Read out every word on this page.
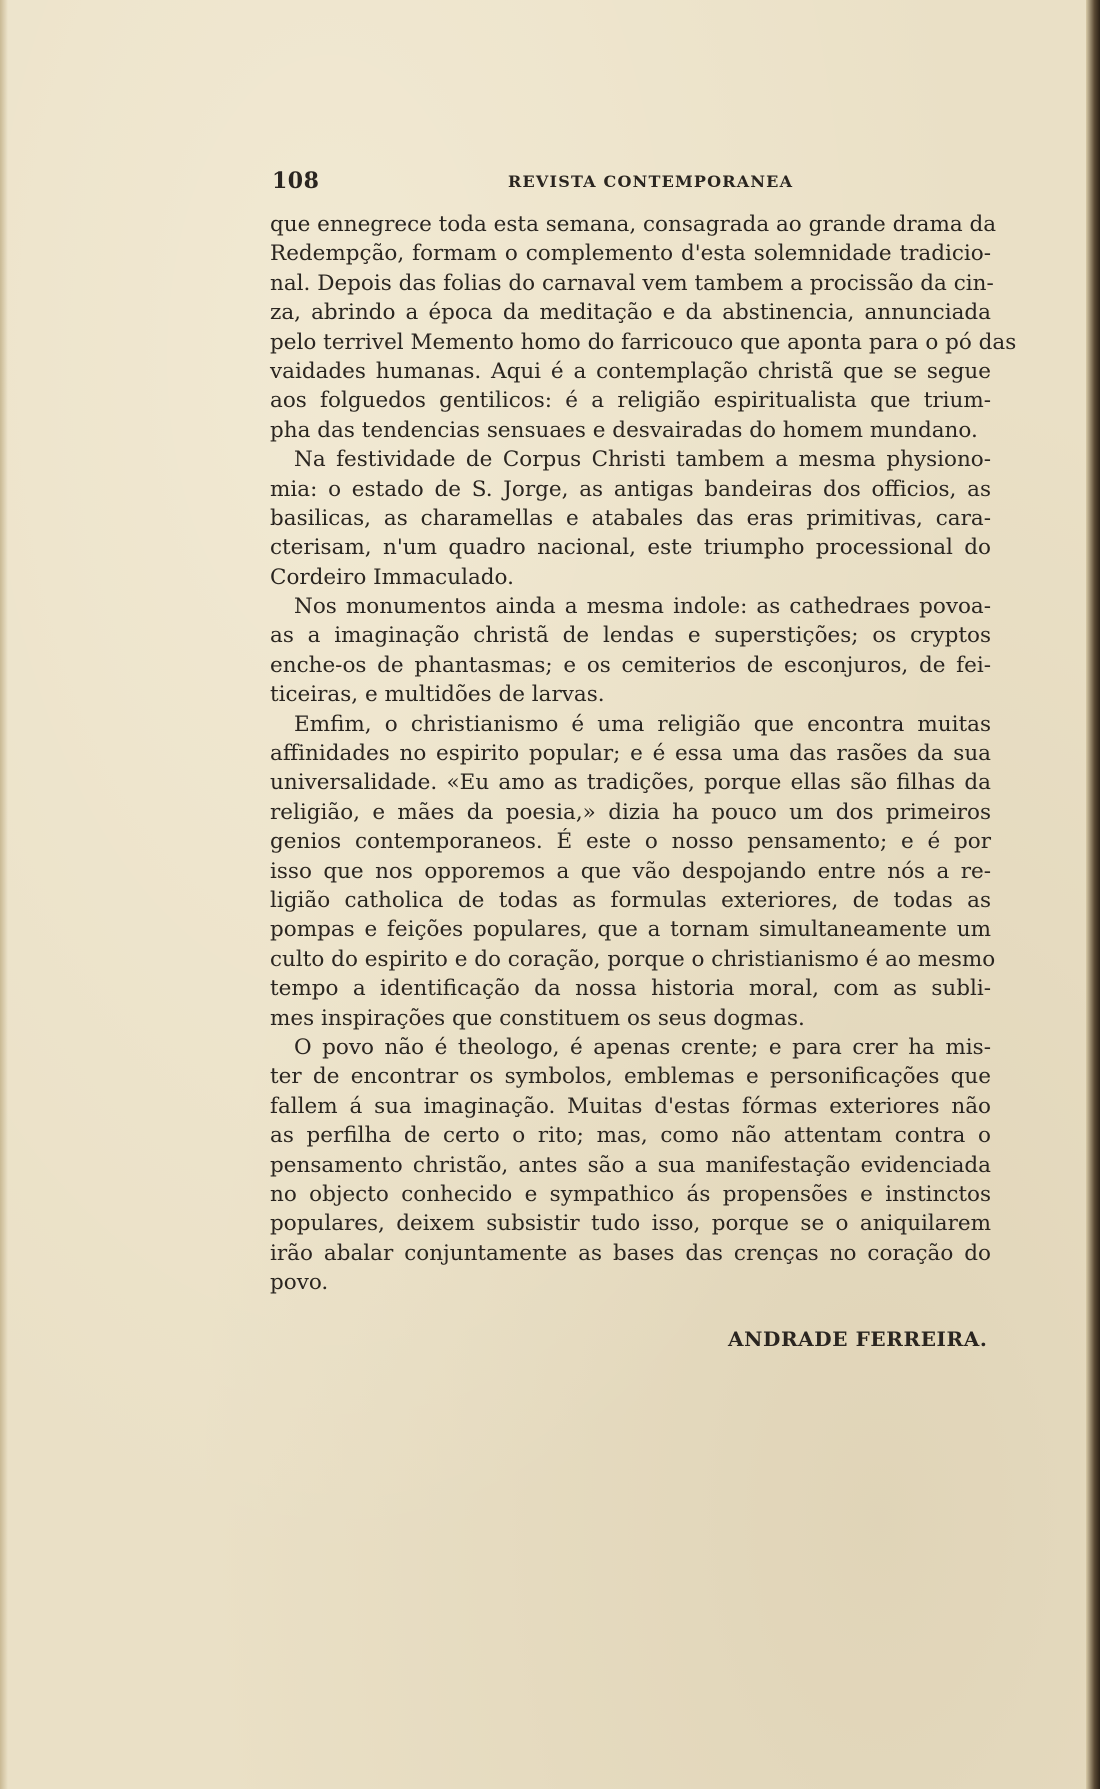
108	REVISTA CONTEMPORANEA
que ennegrece toda esta semana, consagrada ao grande drama da
Redempção, formam o complemento d'esta solemnidade tradicio-
nal. Depois das folias do carnaval vem tambem a procissão da cin-
za, abrindo a época da meditação e da abstinencia, annunciada
pelo terrivel Memento homo do farricouco que aponta para o pó das
vaidades humanas. Aqui é a contemplação christã que se segue
aos folguedos gentilicos: é a religião espiritualista que trium-
pha das tendencias sensuaes e desvairadas do homem mundano.
Na festividade de Corpus Christi tambem a mesma physiono-
mia: o estado de S. Jorge, as antigas bandeiras dos officios, as
basilicas, as charamellas e atabales das eras primitivas, cara-
cterisam, n'um quadro nacional, este triumpho processional do
Cordeiro Immaculado.
Nos monumentos ainda a mesma indole: as cathedraes povoa-
as a imaginação christã de lendas e superstições; os cryptos
enche-os de phantasmas; e os cemiterios de esconjuros, de fei-
ticeiras, e multidões de larvas.
Emfim, o christianismo é uma religião que encontra muitas
affinidades no espirito popular; e é essa uma das rasões da sua
universalidade. «Eu amo as tradições, porque ellas são filhas da
religião, e mães da poesia,» dizia ha pouco um dos primeiros
genios contemporaneos. É este o nosso pensamento; e é por
isso que nos opporemos a que vão despojando entre nós a re-
ligião catholica de todas as formulas exteriores, de todas as
pompas e feições populares, que a tornam simultaneamente um
culto do espirito e do coração, porque o christianismo é ao mesmo
tempo a identificação da nossa historia moral, com as subli-
mes inspirações que constituem os seus dogmas.
O povo não é theologo, é apenas crente; e para crer ha mis-
ter de encontrar os symbolos, emblemas e personificações que
fallem á sua imaginação. Muitas d'estas fórmas exteriores não
as perfilha de certo o rito; mas, como não attentam contra o
pensamento christão, antes são a sua manifestação evidenciada
no objecto conhecido e sympathico ás propensões e instinctos
populares, deixem subsistir tudo isso, porque se o aniquilarem
irão abalar conjuntamente as bases das crenças no coração do
povo.
ANDRADE FERREIRA.
